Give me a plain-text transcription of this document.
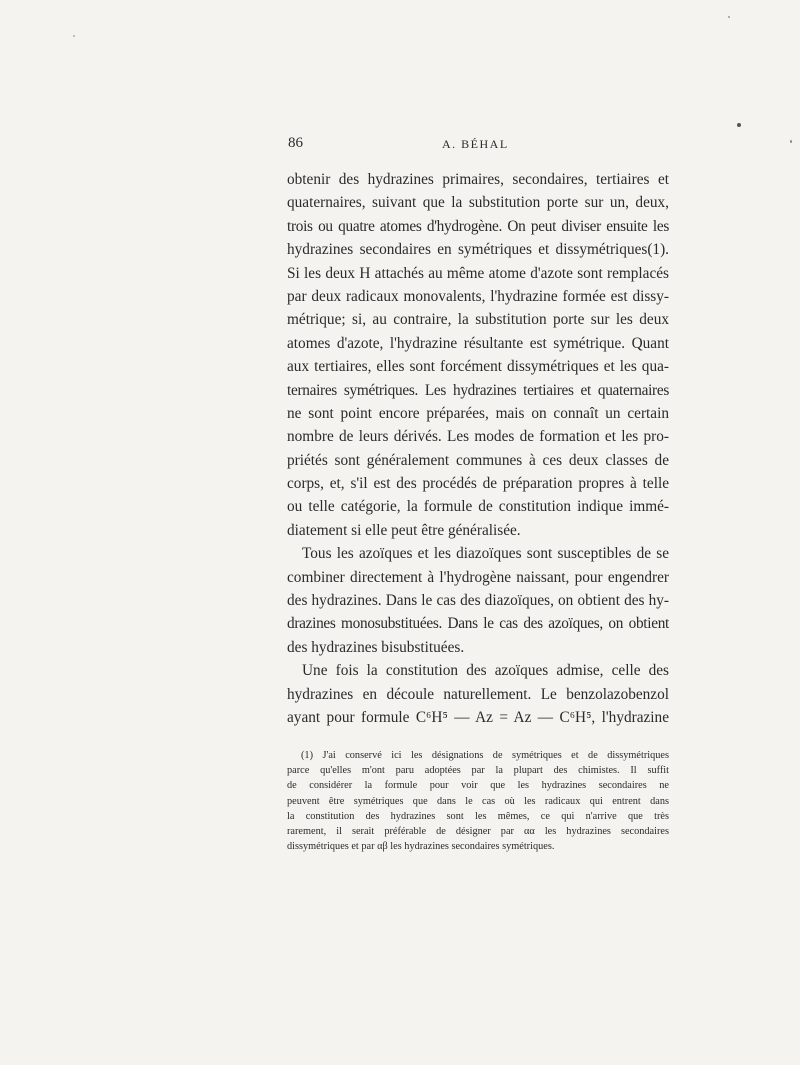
86	A. BÉHAL
obtenir des hydrazines primaires, secondaires, tertiaires et
quaternaires, suivant que la substitution porte sur un, deux,
trois ou quatre atomes d'hydrogène. On peut diviser ensuite les
hydrazines secondaires en symétriques et dissymétriques(1).
Si les deux H attachés au même atome d'azote sont remplacés
par deux radicaux monovalents, l'hydrazine formée est dissy-
métrique; si, au contraire, la substitution porte sur les deux
atomes d'azote, l'hydrazine résultante est symétrique. Quant
aux tertiaires, elles sont forcément dissymétriques et les qua-
ternaires symétriques. Les hydrazines tertiaires et quaternaires
ne sont point encore préparées, mais on connaît un certain
nombre de leurs dérivés. Les modes de formation et les pro-
priétés sont généralement communes à ces deux classes de
corps, et, s'il est des procédés de préparation propres à telle
ou telle catégorie, la formule de constitution indique immé-
diatement si elle peut être généralisée.
Tous les azoïques et les diazoïques sont susceptibles de se
combiner directement à l'hydrogène naissant, pour engendrer
des hydrazines. Dans le cas des diazoïques, on obtient des hy-
drazines monosubstituées. Dans le cas des azoïques, on obtient
des hydrazines bisubstituées.
Une fois la constitution des azoïques admise, celle des
hydrazines en découle naturellement. Le benzolazobenzol
ayant pour formule C⁶H⁵ — Az = Az — C⁶H⁵, l'hydrazine
(1) J'ai conservé ici les désignations de symétriques et de dissymétriques
parce qu'elles m'ont paru adoptées par la plupart des chimistes. Il suffit
de considérer la formule pour voir que les hydrazines secondaires ne
peuvent être symétriques que dans le cas où les radicaux qui entrent dans
la constitution des hydrazines sont les mêmes, ce qui n'arrive que très
rarement, il serait préférable de désigner par αα les hydrazines secondaires
dissymétriques et par αβ les hydrazines secondaires symétriques.
